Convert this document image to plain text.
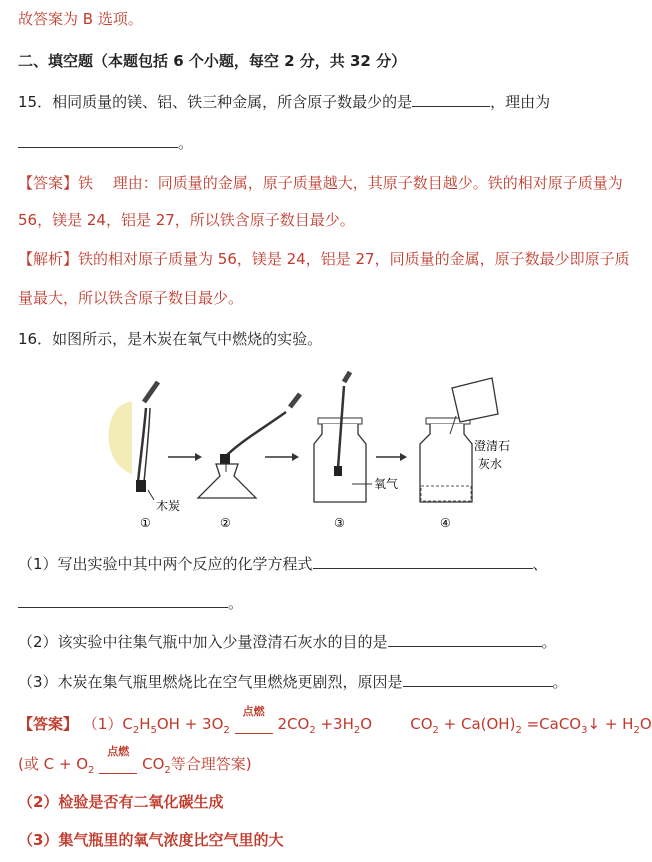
故答案为 B 选项。
二、填空题（本题包括 6 个小题，每空 2 分，共 32 分）
15．相同质量的镁、铝、铁三种金属，所含原子数最少的是	，理由为
。
【答案】铁　 理由：同质量的金属，原子质量越大，其原子数目越少。铁的相对原子质量为
56，镁是 24，铝是 27，所以铁含原子数目最少。
【解析】铁的相对原子质量为 56，镁是 24，铝是 27，同质量的金属，原子数最少即原子质
量最大，所以铁含原子数目最少。
16．如图所示，是木炭在氧气中燃烧的实验。
木炭
①	②
氧气
③
澄清石
灰水
④
（1）写出实验中其中两个反应的化学方程式	、
。
（2）该实验中往集气瓶中加入少量澄清石灰水的目的是	。
（3）木炭在集气瓶里燃烧比在空气里燃烧更剧烈，原因是	。
【答案】 $(1)C_2H_5OH + 3O_2$
点燃
$2CO_2 +3H_2O$	$CO_2 + Ca(OH)_2$ =CaCO$_3$↓ + $H_2O$
(或 $C + O_2$
点燃
$CO_2$等合理答案)
（2）检验是否有二氧化碳生成
（3）集气瓶里的氧气浓度比空气里的大
